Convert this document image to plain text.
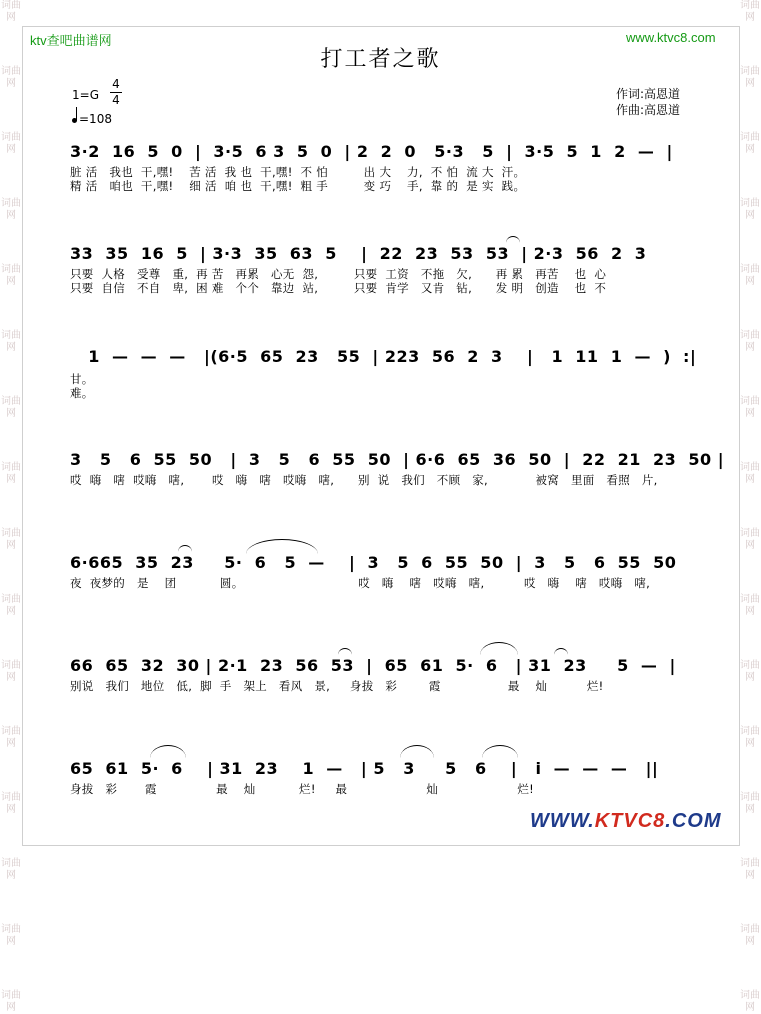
词曲网
词曲网
词曲网
词曲网
词曲网
词曲网
词曲网
词曲网
词曲网
词曲网
词曲网
词曲网
词曲网
词曲网
词曲网
词曲网
词曲网
词曲网
词曲网
词曲网
词曲网
词曲网
词曲网
词曲网
词曲网
词曲网
词曲网
词曲网
词曲网
词曲网
词曲网
词曲网
ktv查吧曲谱网	www.ktvc8.com
打工者之歌
1=G
4
4
=108
作词:高恩道
作曲:高恩道
3·2  16  5  0  |  3·5  6 3  5  0  | 2  2  0   5·3   5  |  3·5  5  1  2  —  |
脏 活   我也  干,嘿!    苦 活  我 也  干,嘿!  不 怕         出 大    力,  不 怕  流 大  汗。
精 活   咱也  干,嘿!    细 活  咱 也  干,嘿!  粗 手         变 巧    手,  靠 的  是 实  践。
33  35  16  5  | 3·3  35  63  5    |  22  23  53  53  | 2·3  56  2  3
只要  人格   受尊   重,  再 苦   再累   心无  怨,         只要  工资   不拖   欠,      再 累   再苦    也  心
只要  自信   不自   卑,  困 难   个个   靠边  站,         只要  肯学   又肯   钻,      发 明   创造    也  不
1  —  —  —   |(6·5  65  23   55  | 223  56  2  3    |   1  11  1  —  )  :|
甘。
难。
3   5   6  55  50   |  3   5   6  55  50  | 6·6  65  36  50  |  22  21  23  50 |
哎  嗨   嗐  哎嗨   嗐,       哎   嗨   嗐   哎嗨   嗐,      别  说   我们   不顾   家,            被窝   里面   看照   片,
6·665  35  23     5·  6   5  —    |  3   5  6  55  50  |  3   5   6  55  50
夜  夜梦的   是    团           圆。                             哎   嗨    嗐   哎嗨   嗐,          哎   嗨    嗐   哎嗨   嗐,
66  65  32  30 | 2·1  23  56  53  |  65  61  5·  6   | 31  23     5  —  |
别说   我们   地位   低,  脚  手   架上   看风   景,     身拔   彩        霞                 最    灿          烂!
65  61  5·  6    | 31  23    1  —   | 5   3     5   6    |   i  —  —  —   ||
身拔   彩       霞               最    灿           烂!     最                    灿                    烂!
WWW.KTVC8.COM
